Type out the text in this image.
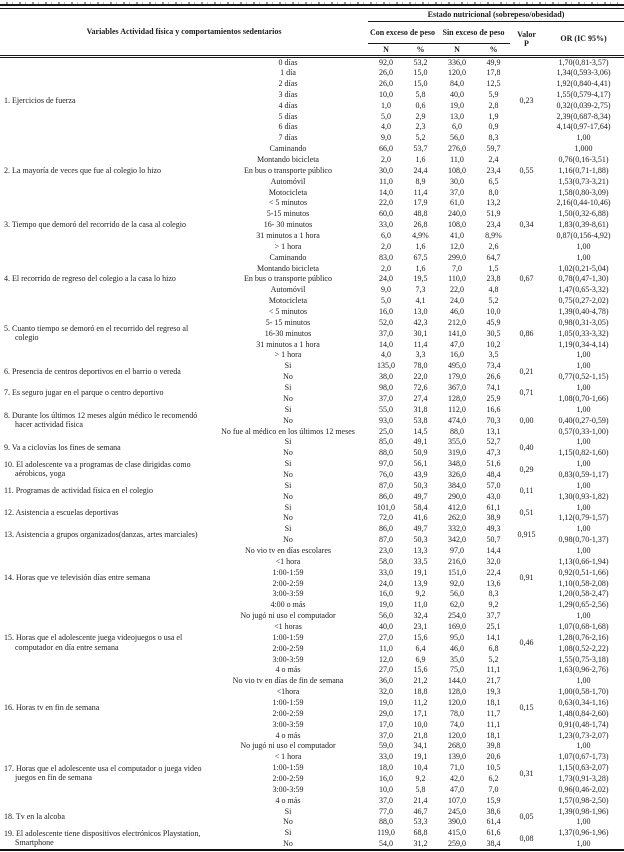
Variables Actividad física y comportamientos sedentarios		Estado nutricional (sobrepeso/obesidad)					
		Con exceso de peso		Sin exceso de peso		Valor
P	OR (IC 95%)
		N	%	N	%		
1. Ejercicios de fuerza	0 días	92,0	53,2	336,0	49,9	0,23	1,70(0,81-3,57)
	1 día	26,0	15,0	120,0	17,8		1,34(0,593-3,06)
	2 días	26,0	15,0	84,0	12,5		1,92(0,840-4,41)
	3 días	10,0	5,8	40,0	5,9		1,55(0,579-4,17)
	4 días	1,0	0,6	19,0	2,8		0,32(0,039-2,75)
	5 días	5,0	2,9	13,0	1,9		2,39(0,687-8,34)
	6 días	4,0	2,3	6,0	0,9		4,14(0,97-17,64)
	7 días	9,0	5,2	56,0	8,3		1,00
2. La mayoría de veces que fue al colegio lo hizo	Caminando	66,0	53,7	276,0	59,7	0,55	1,000
	Montando bicicleta	2,0	1,6	11,0	2,4		0,76(0,16-3,51)
	En bus o transporte público	30,0	24,4	108,0	23,4		1,16(0,71-1,88)
	Automóvil	11,0	8,9	30,0	6,5		1,53(0,73-3,21)
	Motocicleta	14,0	11,4	37,0	8,0		1,58(0,80-3,09)
3. Tiempo que demoró del recorrido de la casa al colegio	< 5 minutos	22,0	17,9	61,0	13,2	0,34	2,16(0,44-10,46)
	5-15 minutos	60,0	48,8	240,0	51,9		1,50(0,32-6,88)
	16- 30 minutos	33,0	26,8	108,0	23,4		1,83(0,39-8,61)
	31 minutos a 1 hora	6,0	4,9%	41,0	8,9%		0,87(0,156-4,92)
	> 1 hora	2,0	1,6	12,0	2,6		1,00
4. El recorrido de regreso del colegio a la casa lo hizo	Caminando	83,0	67,5	299,0	64,7	0,67	1,00
	Montando bicicleta	2,0	1,6	7,0	1,5		1,02(0,21-5,04)
	En bus o transporte público	24,0	19,5	110,0	23,8		0,78(0,47-1,30)
	Automóvil	9,0	7,3	22,0	4,8		1,47(0,65-3,32)
	Motocicleta	5,0	4,1	24,0	5,2		0,75(0,27-2,02)
5. Cuanto tiempo se demoró en el recorrido del regreso al colegio	< 5 minutos	16,0	13,0	46,0	10,0	0,86	1,39(0,40-4,78)
	5- 15 minutos	52,0	42,3	212,0	45,9		0,98(0,31-3,05)
	16-30 minutos	37,0	30,1	141,0	30,5		1,05(0,33-3,32)
	31 minutos a 1 hora	14,0	11,4	47,0	10,2		1,19(0,34-4,14)
	> 1 hora	4,0	3,3	16,0	3,5		1,00
6. Presencia de centros deportivos en el barrio o vereda	Si	135,0	78,0	495,0	73,4	0,21	1,00
	No	38,0	22,0	179,0	26,6		0,77(0,52-1,15)
7. Es seguro jugar en el parque o centro deportivo	Si	98,0	72,6	367,0	74,1	0,71	1,00
	No	37,0	27,4	128,0	25,9		1,08(0,70-1,66)
8. Durante los últimos 12 meses algún médico le recomendó hacer actividad física	Si	55,0	31,8	112,0	16,6	0,00	1,00
	No	93,0	53,8	474,0	70,3		0,40(0,27-0,59)
	No fue al médico en los últimos 12 meses	25,0	14,5	88,0	13,1		0,57(0,33-1,00)
9. Va a ciclovías los fines de semana	Si	85,0	49,1	355,0	52,7	0,40	1,00
	No	88,0	50,9	319,0	47,3		1,15(0,82-1,60)
10. El adolescente va a programas de clase dirigidas como aérobicos, yoga	Si	97,0	56,1	348,0	51,6	0,29	1,00
	No	76,0	43,9	326,0	48,4		0,83(0,59-1,17)
11. Programas de actividad física en el colegio	Si	87,0	50,3	384,0	57,0	0,11	1,00
	No	86,0	49,7	290,0	43,0		1,30(0,93-1,82)
12. Asistencia a escuelas deportivas	Si	101,0	58,4	412,0	61,1	0,51	1,00
	No	72,0	41,6	262,0	38,9		1,12(0,79-1,57)
13. Asistencia a grupos organizados(danzas, artes marciales)	Si	86,0	49,7	332,0	49,3	0,915	1,00
	No	87,0	50,3	342,0	50,7		0,98(0,70-1,37)
14. Horas que ve televisión días entre semana	No vio tv en días escolares	23,0	13,3	97,0	14,4	0,91	1,00
	<1 hora	58,0	33,5	216,0	32,0		1,13(0,66-1,94)
	1:00-1:59	33,0	19,1	151,0	22,4		0,92(0,51-1,66)
	2:00-2:59	24,0	13,9	92,0	13,6		1,10(0,58-2,08)
	3:00-3:59	16,0	9,2	56,0	8,3		1,20(0,58-2,47)
	4:00 o más	19,0	11,0	62,0	9,2		1,29(0,65-2,56)
15. Horas que el adolescente juega videojuegos o usa el computador en día entre semana	No jugó ni uso el computador	56,0	32,4	254,0	37,7	0,46	1,00
	<1 horas	40,0	23,1	169,0	25,1		1,07(0,68-1,68)
	1:00-1:59	27,0	15,6	95,0	14,1		1,28(0,76-2,16)
	2:00-2:59	11,0	6,4	46,0	6,8		1,08(0,52-2,22)
	3:00-3:59	12,0	6,9	35,0	5,2		1,55(0,75-3,18)
	4 o más	27,0	15,6	75,0	11,1		1,63(0,96-2,76)
16. Horas tv en fin de semana	No vio tv en días de fin de semana	36,0	21,2	144,0	21,7	0,15	1,00
	<1hora	32,0	18,8	128,0	19,3		1,00(0,58-1,70)
	1:00-1:59	19,0	11,2	120,0	18,1		0,63(0,34-1,16)
	2:00-2:59	29,0	17,1	78,0	11,7		1,48(0,84-2,60)
	3:00-3:59	17,0	10,0	74,0	11,1		0,91(0,48-1,74)
	4 o más	37,0	21,8	120,0	18,1		1,23(0,73-2,07)
17. Horas que el adolescente usa el computador o juega video juegos en fin de semana	No jugó ni uso el computador	59,0	34,1	268,0	39,8	0,31	1,00
	< 1 hora	33,0	19,1	139,0	20,6		1,07(0,67-1,73)
	1:00-1:59	18,0	10,4	71,0	10,5		1,15(0,63-2,07)
	2:00-2:59	16,0	9,2	42,0	6,2		1,73(0,91-3,28)
	3:00-3:59	10,0	5,8	47,0	7,0		0,96(0,46-2,02)
	4 o más	37,0	21,4	107,0	15,9		1,57(0,98-2,50)
18. Tv en la alcoba	Si	77,0	46,7	245,0	38,6	0,05	1,39(0,98-1,96)
	No	88,0	53,3	390,0	61,4		1,00
19. El adolescente tiene dispositivos electrónicos Playstation, Smartphone	Si	119,0	68,8	415,0	61,6	0,08	1,37(0,96-1,96)
	No	54,0	31,2	259,0	38,4		1,00
